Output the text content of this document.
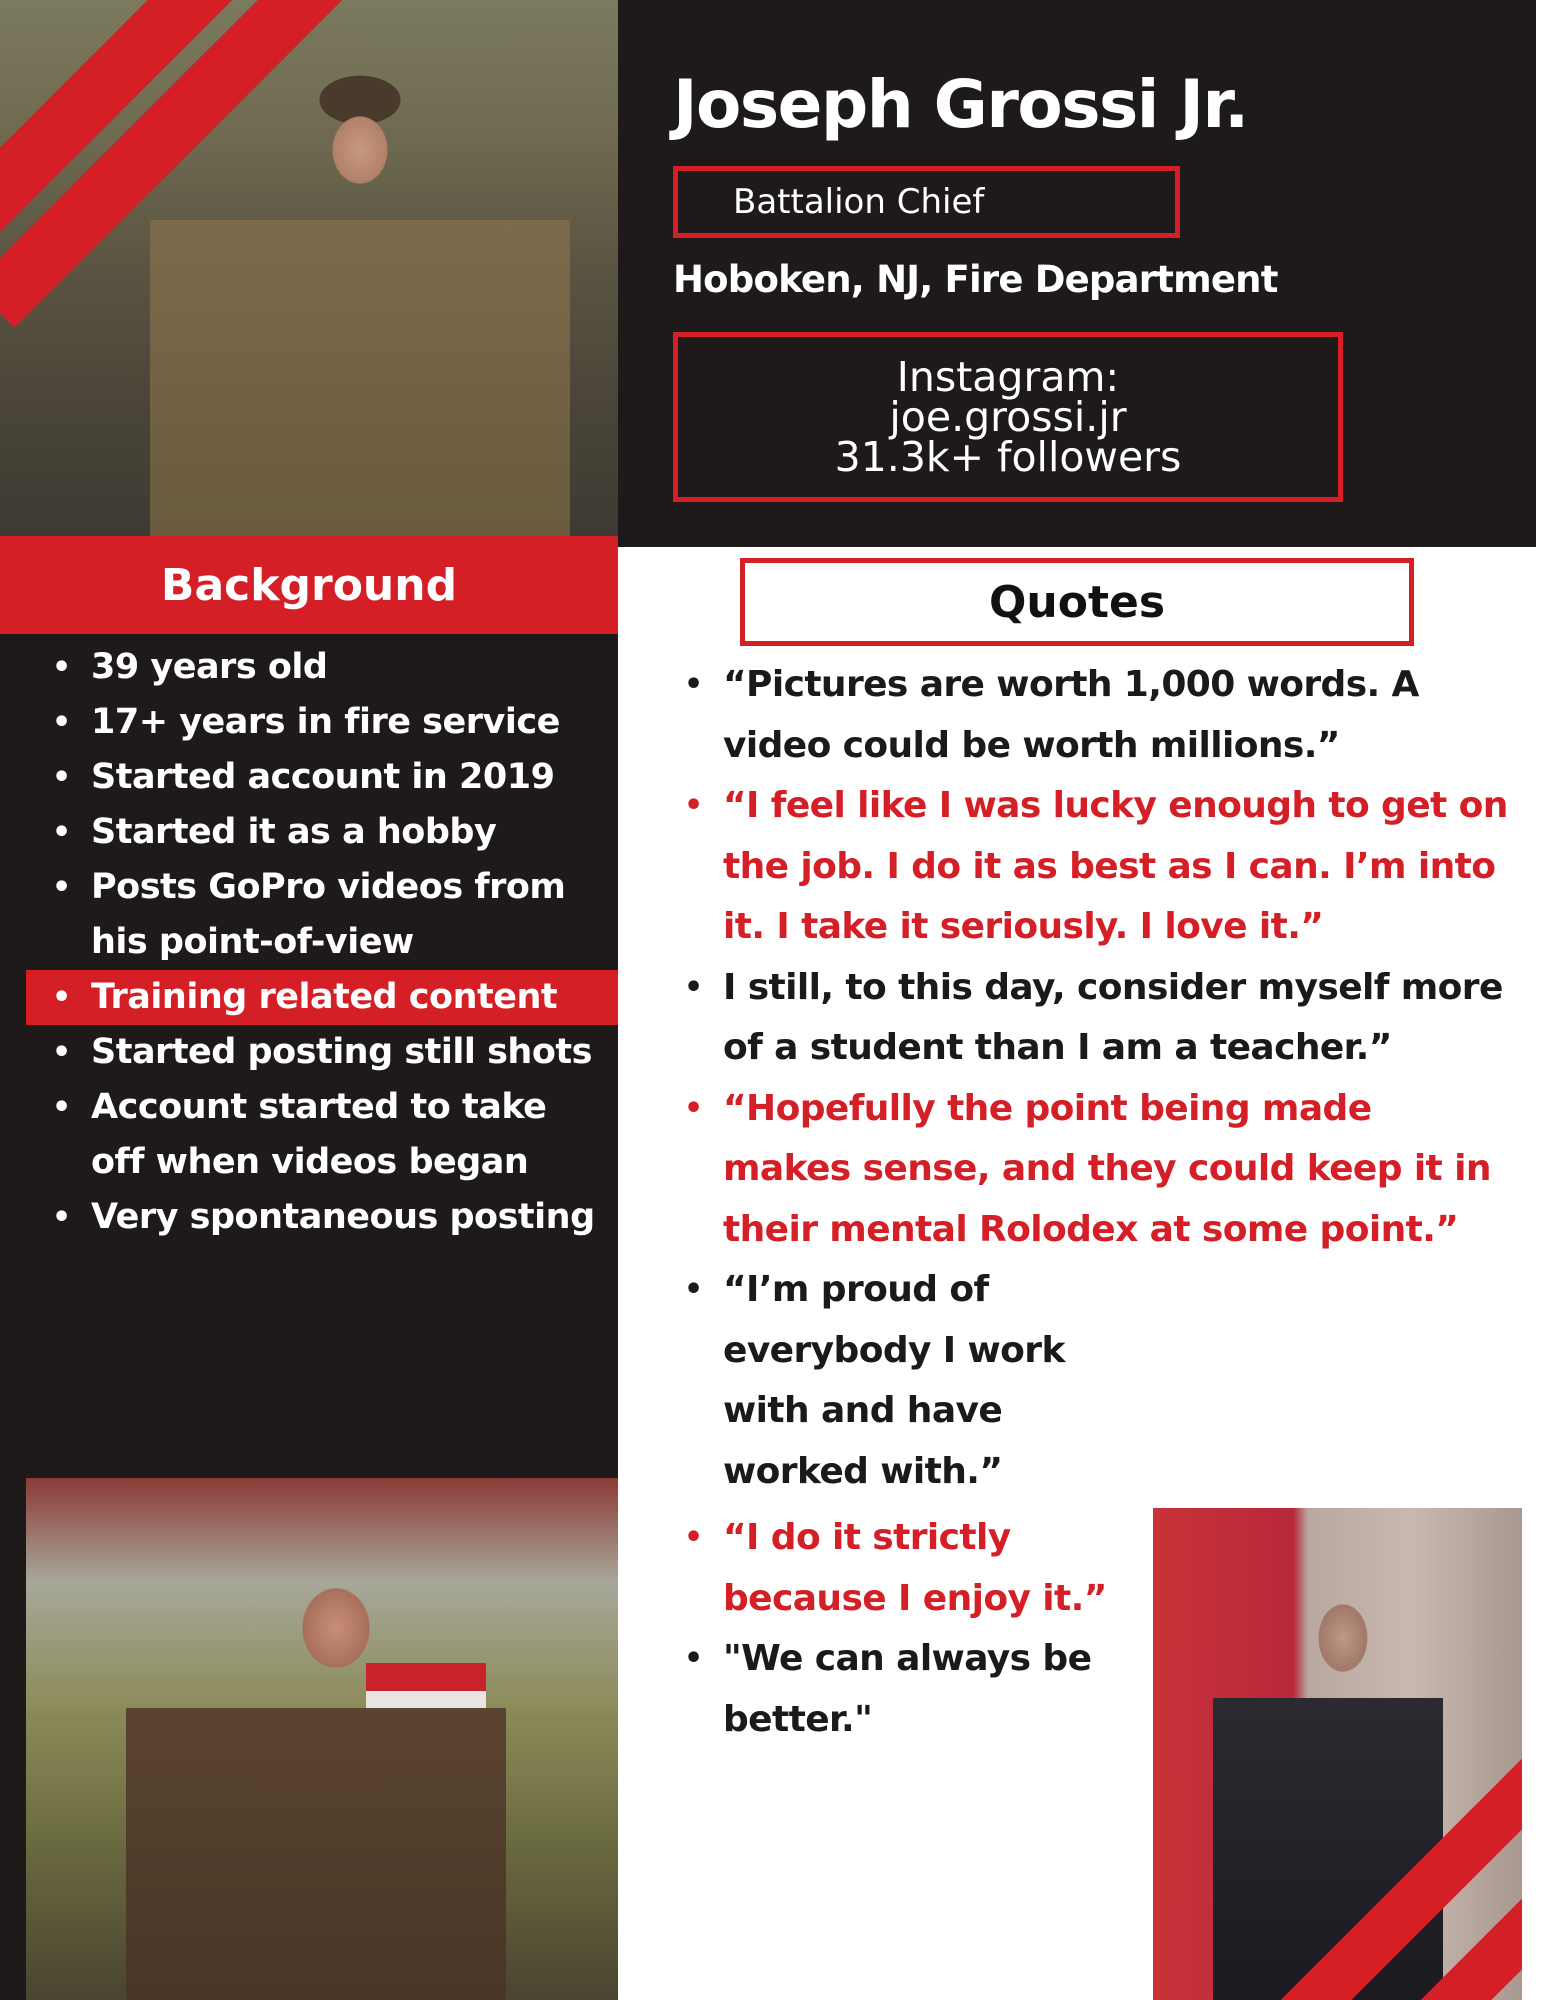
Background
• 39 years old
• 17+ years in fire service
• Started account in 2019
• Started it as a hobby
• Posts GoPro videos from his point-of-view
• Training related content
• Started posting still shots
• Account started to take off when videos began
• Very spontaneous posting
Joseph Grossi Jr.
Battalion Chief
Hoboken, NJ, Fire Department
Instagram:
joe.grossi.jr
31.3k+ followers
Quotes
• “Pictures are worth 1,000 words. A video could be worth millions.”
• “I feel like I was lucky enough to get on the job. I do it as best as I can. I’m into it. I take it seriously. I love it.”
• I still, to this day, consider myself more of a student than I am a teacher.”
• “Hopefully the point being made makes sense, and they could keep it in their mental Rolodex at some point.”
• “I’m proud of everybody I work with and have worked with.”
• “I do it strictly because I enjoy it.”
• "We can always be better."
